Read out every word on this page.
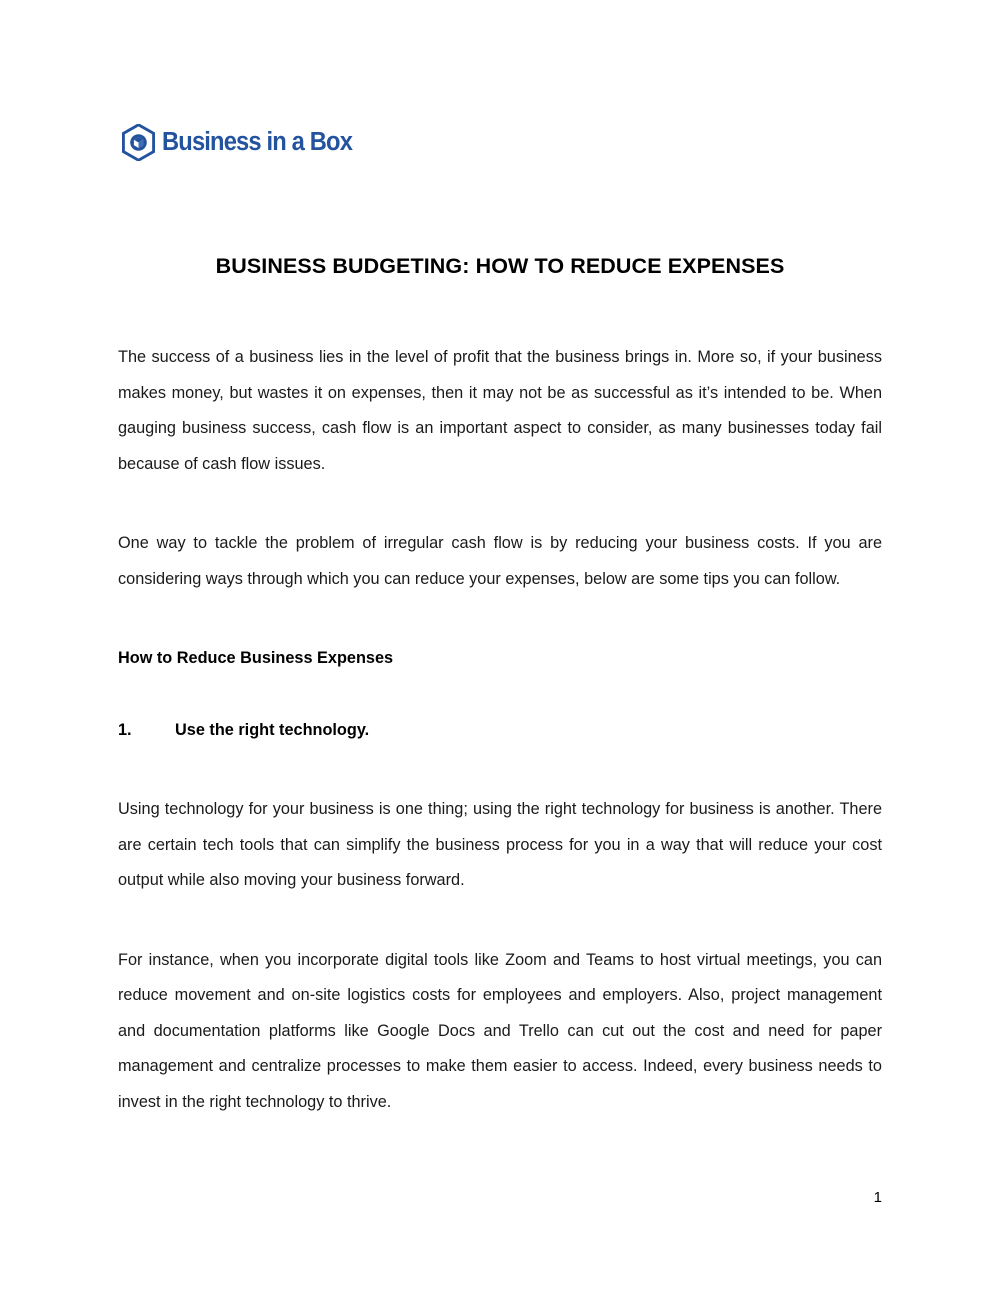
Business in a Box
BUSINESS BUDGETING: HOW TO REDUCE EXPENSES

The success of a business lies in the level of profit that the business brings in. More so, if your business makes money, but wastes it on expenses, then it may not be as successful as it’s intended to be. When gauging business success, cash flow is an important aspect to consider, as many businesses today fail because of cash flow issues.

One way to tackle the problem of irregular cash flow is by reducing your business costs. If you are considering ways through which you can reduce your expenses, below are some tips you can follow.

How to Reduce Business Expenses

1.	Use the right technology.

Using technology for your business is one thing; using the right technology for business is another. There are certain tech tools that can simplify the business process for you in a way that will reduce your cost output while also moving your business forward.

For instance, when you incorporate digital tools like Zoom and Teams to host virtual meetings, you can reduce movement and on-site logistics costs for employees and employers. Also, project management and documentation platforms like Google Docs and Trello can cut out the cost and need for paper management and centralize processes to make them easier to access. Indeed, every business needs to invest in the right technology to thrive.

1
